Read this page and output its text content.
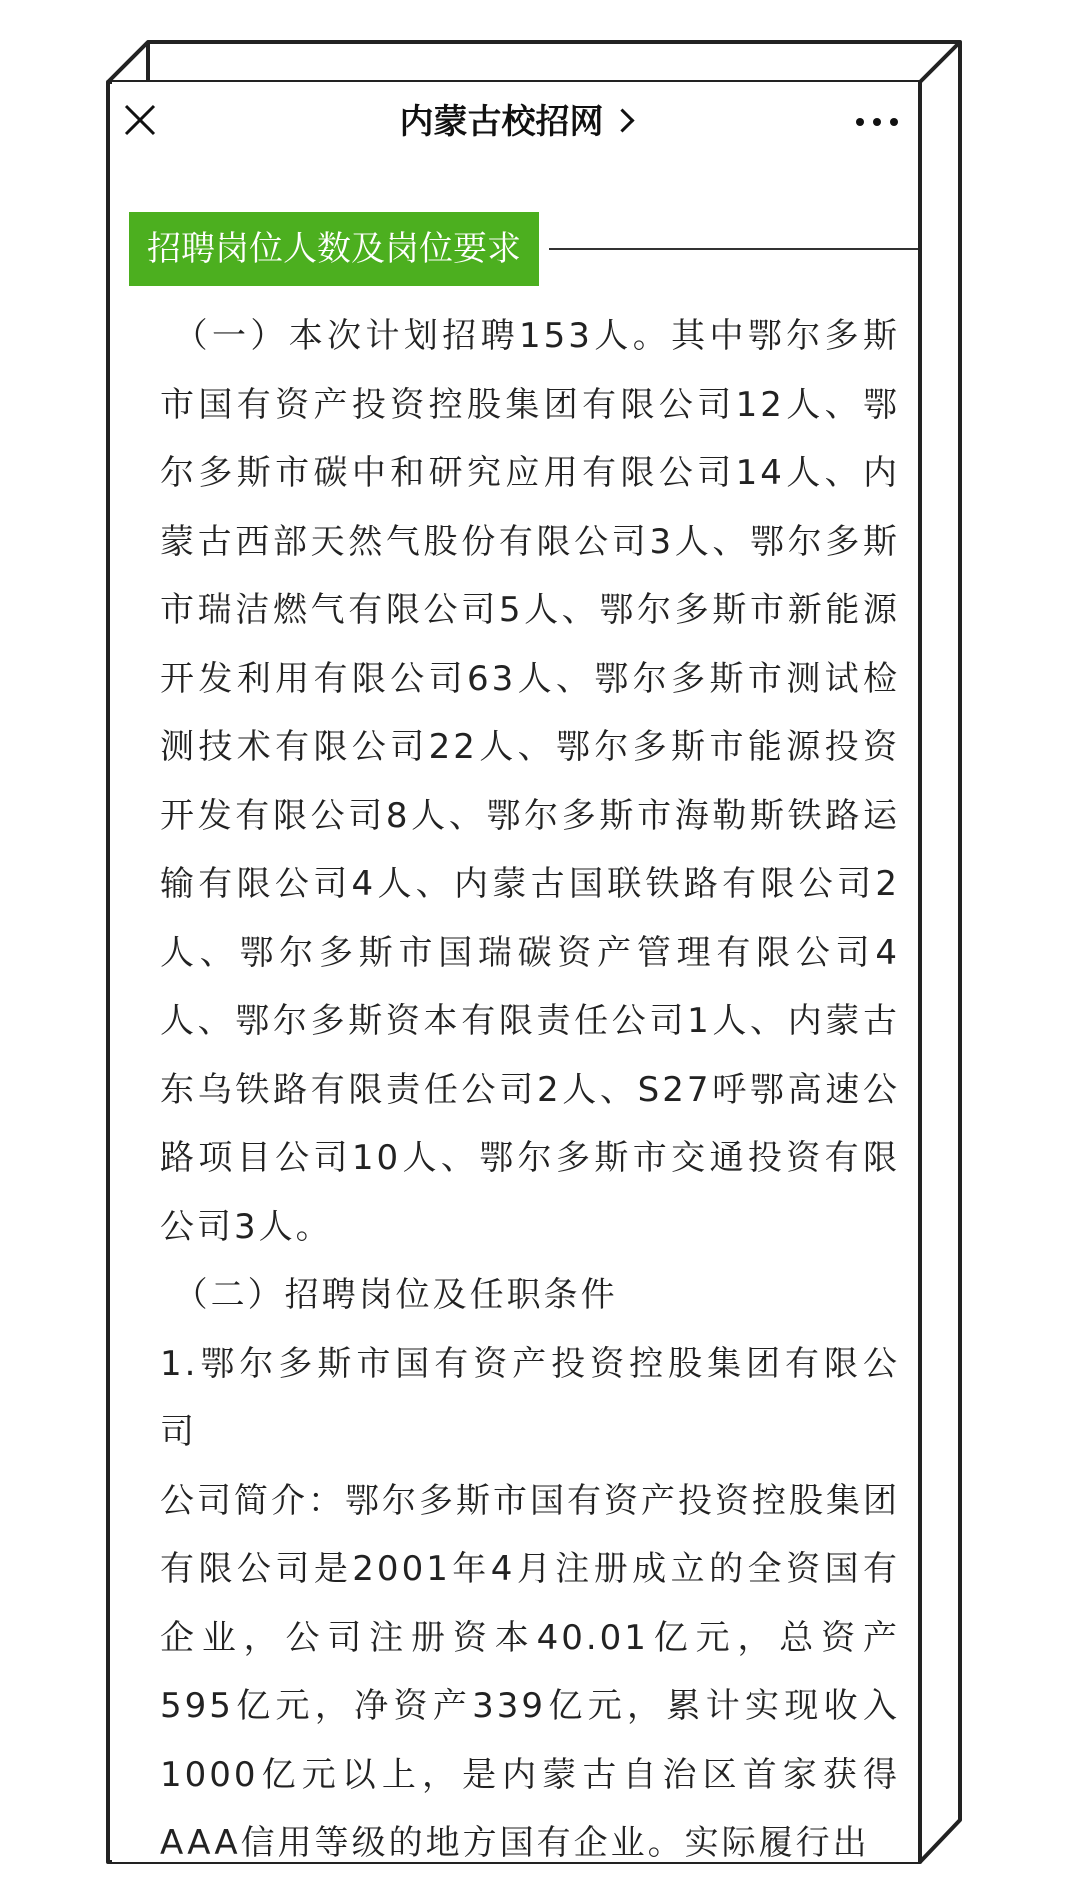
内蒙古校招网
招聘岗位人数及岗位要求

（一）本次计划招聘153人。其中鄂尔多斯市国有资产投资控股集团有限公司12人、鄂尔多斯市碳中和研究应用有限公司14人、内蒙古西部天然气股份有限公司3人、鄂尔多斯市瑞洁燃气有限公司5人、鄂尔多斯市新能源开发利用有限公司63人、鄂尔多斯市测试检测技术有限公司22人、鄂尔多斯市能源投资开发有限公司8人、鄂尔多斯市海勒斯铁路运输有限公司4人、内蒙古国联铁路有限公司2人、鄂尔多斯市国瑞碳资产管理有限公司4人、鄂尔多斯资本有限责任公司1人、内蒙古东乌铁路有限责任公司2人、S27呼鄂高速公路项目公司10人、鄂尔多斯市交通投资有限公司3人。

（二）招聘岗位及任职条件

1.鄂尔多斯市国有资产投资控股集团有限公司

公司简介：鄂尔多斯市国有资产投资控股集团有限公司是2001年4月注册成立的全资国有企业，公司注册资本40.01亿元，总资产595亿元，净资产339亿元，累计实现收入1000亿元以上，是内蒙古自治区首家获得AAA信用等级的地方国有企业。实际履行出
